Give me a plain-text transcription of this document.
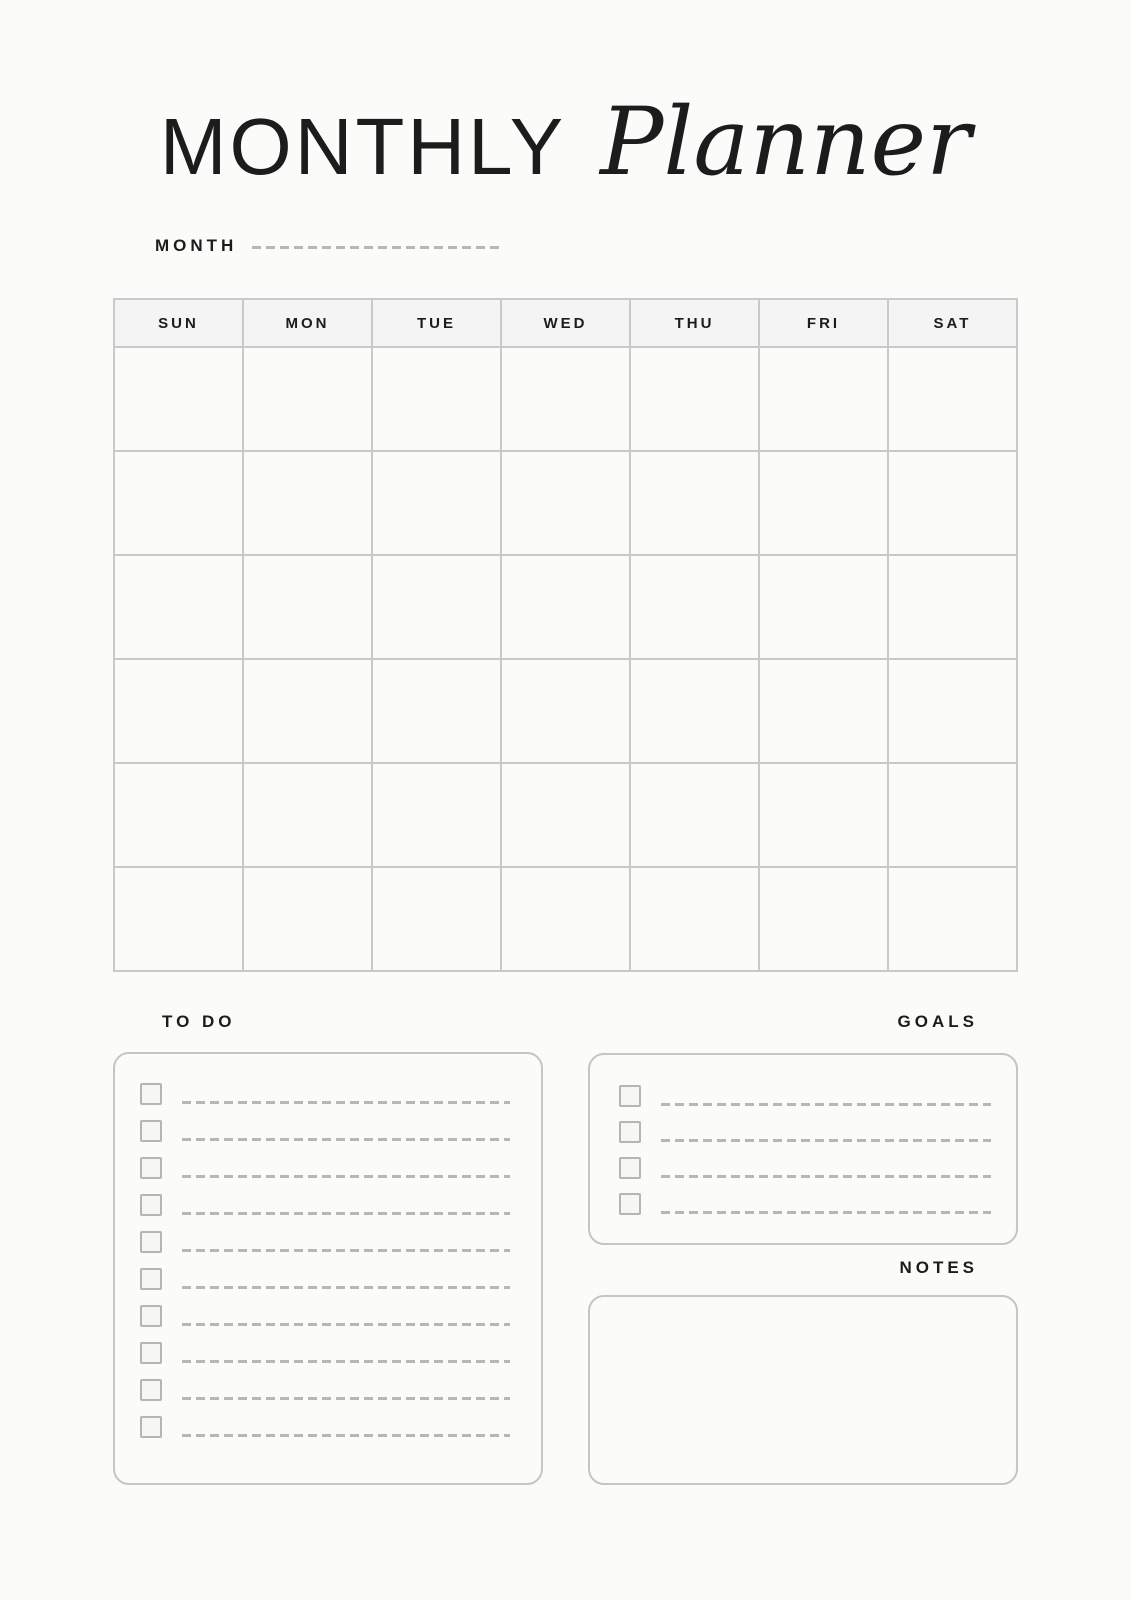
MONTHLY Planner
MONTH
SUN	MON	TUE	WED	THU	FRI	SAT

TO DO	GOALS
NOTES
